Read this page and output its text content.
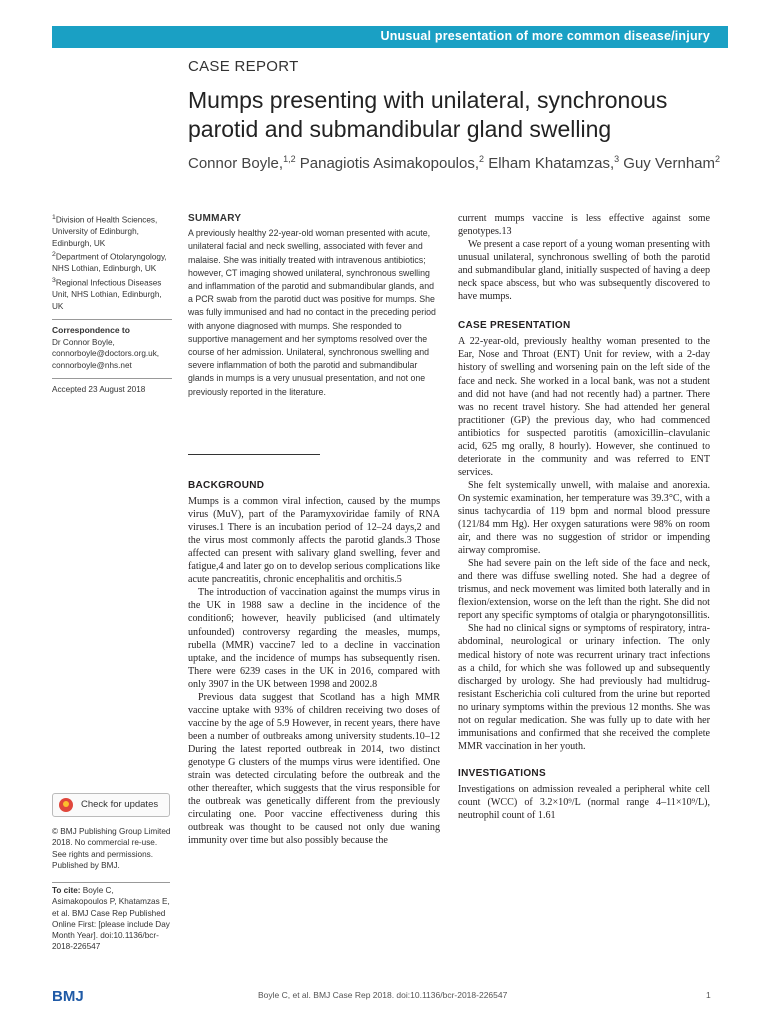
Unusual presentation of more common disease/injury
CASE REPORT
Mumps presenting with unilateral, synchronous parotid and submandibular gland swelling
Connor Boyle,$^{1,2}$ Panagiotis Asimakopoulos,$^2$ Elham Khatamzas,$^3$ Guy Vernham$^2$

$^1$Division of Health Sciences, University of Edinburgh, Edinburgh, UK

$^2$Department of Otolaryngology, NHS Lothian, Edinburgh, UK

$^3$Regional Infectious Diseases Unit, NHS Lothian, Edinburgh, UK

Correspondence to

Dr Connor Boyle, connorboyle@doctors.org.uk, connorboyle@nhs.net

Accepted 23 August 2018

SUMMARY

A previously healthy 22-year-old woman presented with acute, unilateral facial and neck swelling, associated with fever and malaise. She was initially treated with intravenous antibiotics; however, CT imaging showed unilateral, synchronous swelling and inflammation of the parotid and submandibular glands, and a PCR swab from the parotid duct was positive for mumps. She was fully immunised and had no contact in the preceding period with anyone diagnosed with mumps. She responded to supportive management and her symptoms resolved over the course of her admission. Unilateral, synchronous swelling and severe inflammation of both the parotid and submandibular glands in mumps is a very unusual presentation, and not one previously reported in the literature.

BACKGROUND

Mumps is a common viral infection, caused by the mumps virus (MuV), part of the Paramyxoviridae family of RNA viruses.1 There is an incubation period of 12–24 days,2 and the virus most commonly affects the parotid glands.3 Those affected can present with salivary gland swelling, fever and fatigue,4 and later go on to develop serious complications like acute pancreatitis, chronic encephalitis and orchitis.5

The introduction of vaccination against the mumps virus in the UK in 1988 saw a decline in the incidence of the condition6; however, heavily publicised (and ultimately unfounded) controversy regarding the measles, mumps, rubella (MMR) vaccine7 led to a decline in vaccination uptake, and the incidence of mumps has subsequently risen. There were 6239 cases in the UK in 2016, compared with only 3907 in the UK between 1998 and 2002.8

Previous data suggest that Scotland has a high MMR vaccine uptake with 93% of children receiving two doses of vaccine by the age of 5.9 However, in recent years, there have been a number of outbreaks among university students.10–12 During the latest reported outbreak in 2014, two distinct genotype G clusters of the mumps virus were identified. One strain was detected circulating before the outbreak and the other thereafter, which suggests that the virus responsible for the outbreak was genetically different from the previously circulating one. Poor vaccine effectiveness during this outbreak was thought to be caused not only due waning immunity over time but also possibly because the

current mumps vaccine is less effective against some genotypes.13

We present a case report of a young woman presenting with unusual unilateral, synchronous swelling of both the parotid and submandibular gland, initially suspected of having a deep neck space abscess, but who was subsequently discovered to have mumps.

CASE PRESENTATION

A 22-year-old, previously healthy woman presented to the Ear, Nose and Throat (ENT) Unit for review, with a 2-day history of swelling and worsening pain on the left side of the face and neck. She worked in a local bank, was not a student and did not have (and had not recently had) a partner. There was no recent travel history. She had attended her general practitioner (GP) the previous day, who had commenced antibiotics for suspected parotitis (amoxicillin–clavulanic acid, 625 mg orally, 8 hourly). However, she continued to deteriorate in the community and was referred to ENT services.

She felt systemically unwell, with malaise and anorexia. On systemic examination, her temperature was 39.3°C, with a sinus tachycardia of 119 bpm and normal blood pressure (121/84 mm Hg). Her oxygen saturations were 98% on room air, and there was no suggestion of stridor or impending airway compromise.

She had severe pain on the left side of the face and neck, and there was diffuse swelling noted. She had a degree of trismus, and neck movement was limited both laterally and in flexion/extension, worse on the left than the right. She did not report any specific symptoms of otalgia or pharyngotonsillitis.

She had no clinical signs or symptoms of respiratory, intra-abdominal, neurological or urinary infection. The only medical history of note was recurrent urinary tract infections as a child, for which she was followed up and subsequently discharged by urology. She had previously had multidrug-resistant Escherichia coli cultured from the urine but reported no urinary symptoms within the previous 12 months. She was not on regular medication. She was fully up to date with her immunisations and confirmed that she received the complete MMR vaccination in her youth.

INVESTIGATIONS

Investigations on admission revealed a peripheral white cell count (WCC) of 3.2×10⁹/L (normal range 4–11×10⁹/L), neutrophil count of 1.61

Check for updates
© BMJ Publishing Group Limited 2018. No commercial re-use. See rights and permissions. Published by BMJ.
To cite: Boyle C, Asimakopoulos P, Khatamzas E, et al. BMJ Case Rep Published Online First: [please include Day Month Year]. doi:10.1136/bcr-2018-226547
BMJ	Boyle C, et al. BMJ Case Rep 2018. doi:10.1136/bcr-2018-226547	1
